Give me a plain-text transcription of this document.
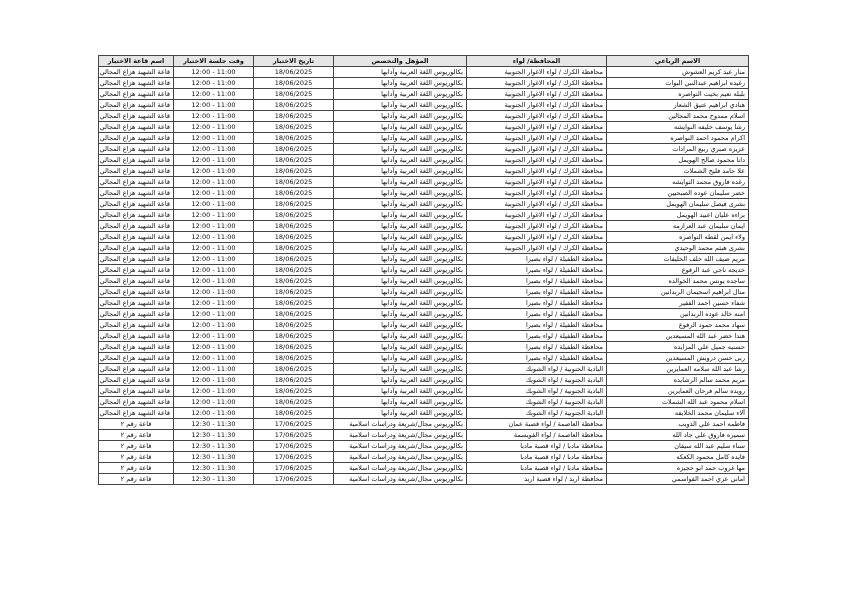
الاسم الرباعي	المحافظة/ لواء	المؤهل والتخصص	تاريخ الاختبار	وقت جلسة الاختبار	اسم قاعة الاختبار
منار عبد كريم العشوش	محافظة الكرك / لواء الاغوار الجنوبية	بكالوريوس اللغة العربية وآدابها	18/06/2025	11:00 - 12:00	قاعة الشهيد هزاع المجالي
رغيده ابراهيم عبدالنبي البوات	محافظة الكرك / لواء الاغوار الجنوبية	بكالوريوس اللغة العربية وآدابها	18/06/2025	11:00 - 12:00	قاعة الشهيد هزاع المجالي
بلبله نعيم بخيت النواصره	محافظة الكرك / لواء الاغوار الجنوبية	بكالوريوس اللغة العربية وآدابها	18/06/2025	11:00 - 12:00	قاعة الشهيد هزاع المجالي
هنادي ابراهيم عتيق الشعار	محافظة الكرك / لواء الاغوار الجنوبية	بكالوريوس اللغة العربية وآدابها	18/06/2025	11:00 - 12:00	قاعة الشهيد هزاع المجالي
اسلام ممدوح محمد المجالين	محافظة الكرك / لواء الاغوار الجنوبية	بكالوريوس اللغة العربية وآدابها	18/06/2025	11:00 - 12:00	قاعة الشهيد هزاع المجالي
رشا يوسف خليفه النوايشه	محافظة الكرك / لواء الاغوار الجنوبية	بكالوريوس اللغة العربية وآدابها	18/06/2025	11:00 - 12:00	قاعة الشهيد هزاع المجالي
اكرام محمود احمد النواصره	محافظة الكرك / لواء الاغوار الجنوبية	بكالوريوس اللغة العربية وآدابها	18/06/2025	11:00 - 12:00	قاعة الشهيد هزاع المجالي
عزيزه صبري ربيع المرادات	محافظة الكرك / لواء الاغوار الجنوبية	بكالوريوس اللغة العربية وآدابها	18/06/2025	11:00 - 12:00	قاعة الشهيد هزاع المجالي
دانا محمود صالح الهويمل	محافظة الكرك / لواء الاغوار الجنوبية	بكالوريوس اللغة العربية وآدابها	18/06/2025	11:00 - 12:00	قاعة الشهيد هزاع المجالي
علا حامد فليح الشملات	محافظة الكرك / لواء الاغوار الجنوبية	بكالوريوس اللغة العربية وآدابها	18/06/2025	11:00 - 12:00	قاعة الشهيد هزاع المجالي
رغده فاروق محمد النوايشه	محافظة الكرك / لواء الاغوار الجنوبية	بكالوريوس اللغة العربية وآدابها	18/06/2025	11:00 - 12:00	قاعة الشهيد هزاع المجالي
خضر سليمان عوده الصبحيين	محافظة الكرك / لواء الاغوار الجنوبية	بكالوريوس اللغة العربية وآدابها	18/06/2025	11:00 - 12:00	قاعة الشهيد هزاع المجالي
بشرى فيصل سليمان الهويمل	محافظة الكرك / لواء الاغوار الجنوبية	بكالوريوس اللغة العربية وآدابها	18/06/2025	11:00 - 12:00	قاعة الشهيد هزاع المجالي
براءه عليان اعبيد الهويمل	محافظة الكرك / لواء الاغوار الجنوبية	بكالوريوس اللغة العربية وآدابها	18/06/2025	11:00 - 12:00	قاعة الشهيد هزاع المجالي
ايمان سليمان عبد العرازمه	محافظة الكرك / لواء الاغوار الجنوبية	بكالوريوس اللغة العربية وآدابها	18/06/2025	11:00 - 12:00	قاعة الشهيد هزاع المجالي
ولاء ايمن لقطه النواصره	محافظة الكرك / لواء الاغوار الجنوبية	بكالوريوس اللغة العربية وآدابها	18/06/2025	11:00 - 12:00	قاعة الشهيد هزاع المجالي
بشرى هيثم محمد الوحيدي	محافظة الكرك / لواء الاغوار الجنوبية	بكالوريوس اللغة العربية وآدابها	18/06/2025	11:00 - 12:00	قاعة الشهيد هزاع المجالي
مريم ضيف الله خلف الخليفات	محافظة الطفيلة / لواء بصيرا	بكالوريوس اللغة العربية وآدابها	18/06/2025	11:00 - 12:00	قاعة الشهيد هزاع المجالي
خديجه ناجي عبد الرفوع	محافظة الطفيلة / لواء بصيرا	بكالوريوس اللغة العربية وآدابها	18/06/2025	11:00 - 12:00	قاعة الشهيد هزاع المجالي
ساجده يونس محمد الخوالده	محافظة الطفيلة / لواء بصيرا	بكالوريوس اللغة العربية وآدابها	18/06/2025	11:00 - 12:00	قاعة الشهيد هزاع المجالي
منال ابراهيم اسحيمان الربدانين	محافظة الطفيلة / لواء بصيرا	بكالوريوس اللغة العربية وآدابها	18/06/2025	11:00 - 12:00	قاعة الشهيد هزاع المجالي
شفاء حسين احمد الفقير	محافظة الطفيلة / لواء بصيرا	بكالوريوس اللغة العربية وآدابها	18/06/2025	11:00 - 12:00	قاعة الشهيد هزاع المجالي
امنه خالد عوده الربدانين	محافظة الطفيلة / لواء بصيرا	بكالوريوس اللغة العربية وآدابها	18/06/2025	11:00 - 12:00	قاعة الشهيد هزاع المجالي
سهاد محمد حمود الرفوع	محافظة الطفيلة / لواء بصيرا	بكالوريوس اللغة العربية وآدابها	18/06/2025	11:00 - 12:00	قاعة الشهيد هزاع المجالي
هندا خضر عبد الله المسيعدين	محافظة الطفيلة / لواء بصيرا	بكالوريوس اللغة العربية وآدابها	18/06/2025	11:00 - 12:00	قاعة الشهيد هزاع المجالي
حسنيه جميل علي المزايده	محافظة الطفيلة / لواء بصيرا	بكالوريوس اللغة العربية وآدابها	18/06/2025	11:00 - 12:00	قاعة الشهيد هزاع المجالي
ربى حسن درويش المسيعدين	محافظة الطفيلة / لواء بصيرا	بكالوريوس اللغة العربية وآدابها	18/06/2025	11:00 - 12:00	قاعة الشهيد هزاع المجالي
رشا عبد الله سلامه العمايرين	البادية الجنوبية / لواء الشوبك	بكالوريوس اللغة العربية وآدابها	18/06/2025	11:00 - 12:00	قاعة الشهيد هزاع المجالي
مريم محمد سالم الرشايده	البادية الجنوبية / لواء الشوبك	بكالوريوس اللغة العربية وآدابها	18/06/2025	11:00 - 12:00	قاعة الشهيد هزاع المجالي
رويده سالم فرحان العمايرين	البادية الجنوبية / لواء الشوبك	بكالوريوس اللغة العربية وآدابها	18/06/2025	11:00 - 12:00	قاعة الشهيد هزاع المجالي
اسلام محمود عبد الله الشملات	البادية الجنوبية / لواء الشوبك	بكالوريوس اللغة العربية وآدابها	18/06/2025	11:00 - 12:00	قاعة الشهيد هزاع المجالي
آلاء سليمان محمد الخلايفه	البادية الجنوبية / لواء الشوبك	بكالوريوس اللغة العربية وآدابها	18/06/2025	11:00 - 12:00	قاعة الشهيد هزاع المجالي
فاطمه احمد علي الذويب	محافظة العاصمة / لواء قصبة عمان	بكالوريوس مجال/شريعة ودراسات اسلامية	17/06/2025	11:30 - 12:30	قاعة رقم ٢
سميره فاروق علي جاد الله	محافظة العاصمة / لواء القويسمة	بكالوريوس مجال/شريعة ودراسات اسلامية	17/06/2025	11:30 - 12:30	قاعة رقم ٢
سناء سليم عبد الله سيفان	محافظة مادبا / لواء قصبة مادبا	بكالوريوس مجال/شريعة ودراسات اسلامية	17/06/2025	11:30 - 12:30	قاعة رقم ٢
فايده كامل محمود الكعكه	محافظة مادبا / لواء قصبة مادبا	بكالوريوس مجال/شريعة ودراسات اسلامية	17/06/2025	11:30 - 12:30	قاعة رقم ٢
مها غروب حمد ابو حجيزه	محافظة مادبا / لواء قصبة مادبا	بكالوريوس مجال/شريعة ودراسات اسلامية	17/06/2025	11:30 - 12:30	قاعة رقم ٢
اماني عزي احمد القواسمي	محافظة اربد / لواء قصبة اربد	بكالوريوس مجال/شريعة ودراسات اسلامية	17/06/2025	11:30 - 12:30	قاعة رقم ٢
